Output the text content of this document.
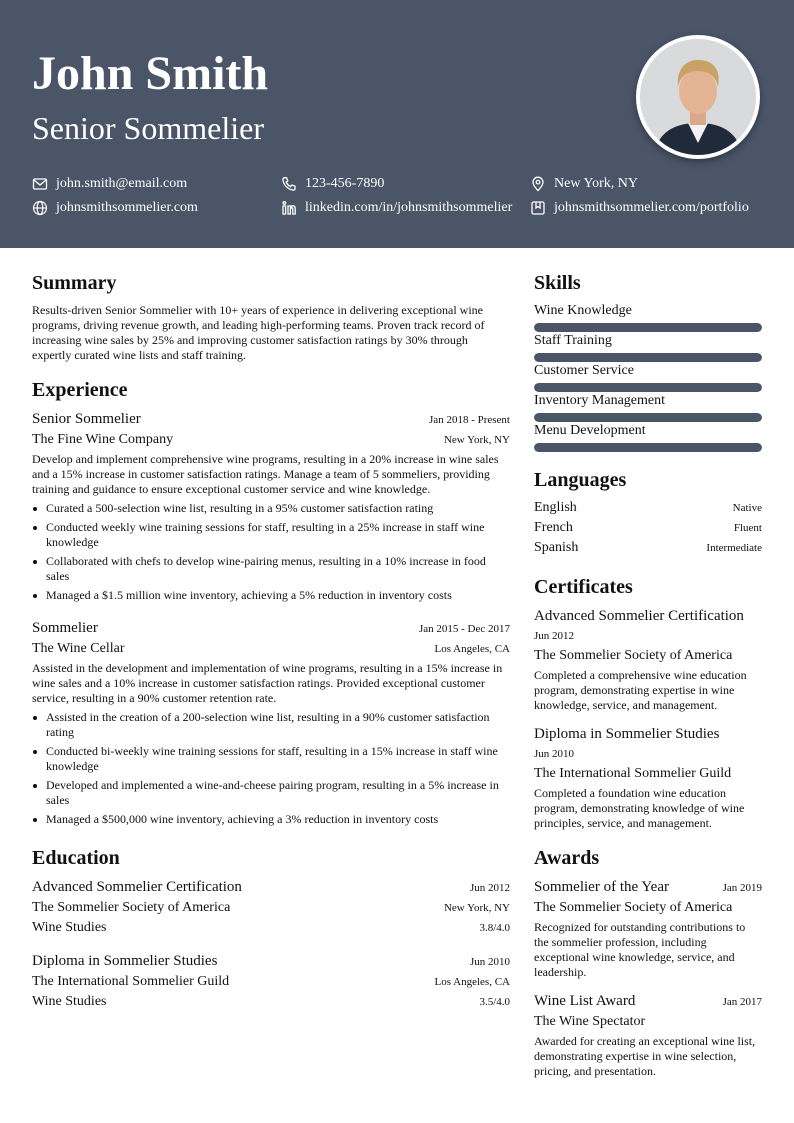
John Smith
Senior Sommelier
john.smith@email.com	123-456-7890	New York, NY
johnsmithsommelier.com	linkedin.com/in/johnsmithsommelier	johnsmithsommelier.com/portfolio
Summary
Results-driven Senior Sommelier with 10+ years of experience in delivering exceptional wine programs, driving revenue growth, and leading high-performing teams. Proven track record of increasing wine sales by 25% and improving customer satisfaction ratings by 30% through expertly curated wine lists and staff training.
Experience
Senior Sommelier	Jan 2018 - Present
The Fine Wine Company	New York, NY
Develop and implement comprehensive wine programs, resulting in a 20% increase in wine sales and a 15% increase in customer satisfaction ratings. Manage a team of 5 sommeliers, providing training and guidance to ensure exceptional customer service and wine knowledge.
Curated a 500-selection wine list, resulting in a 95% customer satisfaction rating
Conducted weekly wine training sessions for staff, resulting in a 25% increase in staff wine knowledge
Collaborated with chefs to develop wine-pairing menus, resulting in a 10% increase in food sales
Managed a $1.5 million wine inventory, achieving a 5% reduction in inventory costs
Sommelier	Jan 2015 - Dec 2017
The Wine Cellar	Los Angeles, CA
Assisted in the development and implementation of wine programs, resulting in a 15% increase in wine sales and a 10% increase in customer satisfaction ratings. Provided exceptional customer service, resulting in a 90% customer retention rate.
Assisted in the creation of a 200-selection wine list, resulting in a 90% customer satisfaction rating
Conducted bi-weekly wine training sessions for staff, resulting in a 15% increase in staff wine knowledge
Developed and implemented a wine-and-cheese pairing program, resulting in a 5% increase in sales
Managed a $500,000 wine inventory, achieving a 3% reduction in inventory costs
Education
Advanced Sommelier Certification	Jun 2012
The Sommelier Society of America	New York, NY
Wine Studies	3.8/4.0
Diploma in Sommelier Studies	Jun 2010
The International Sommelier Guild	Los Angeles, CA
Wine Studies	3.5/4.0
Skills
Wine Knowledge
Staff Training
Customer Service
Inventory Management
Menu Development
Languages
English	Native
French	Fluent
Spanish	Intermediate
Certificates
Advanced Sommelier Certification
Jun 2012
The Sommelier Society of America
Completed a comprehensive wine education program, demonstrating expertise in wine knowledge, service, and management.
Diploma in Sommelier Studies
Jun 2010
The International Sommelier Guild
Completed a foundation wine education program, demonstrating knowledge of wine principles, service, and management.
Awards
Sommelier of the Year	Jan 2019
The Sommelier Society of America
Recognized for outstanding contributions to the sommelier profession, including exceptional wine knowledge, service, and leadership.
Wine List Award	Jan 2017
The Wine Spectator
Awarded for creating an exceptional wine list, demonstrating expertise in wine selection, pricing, and presentation.
